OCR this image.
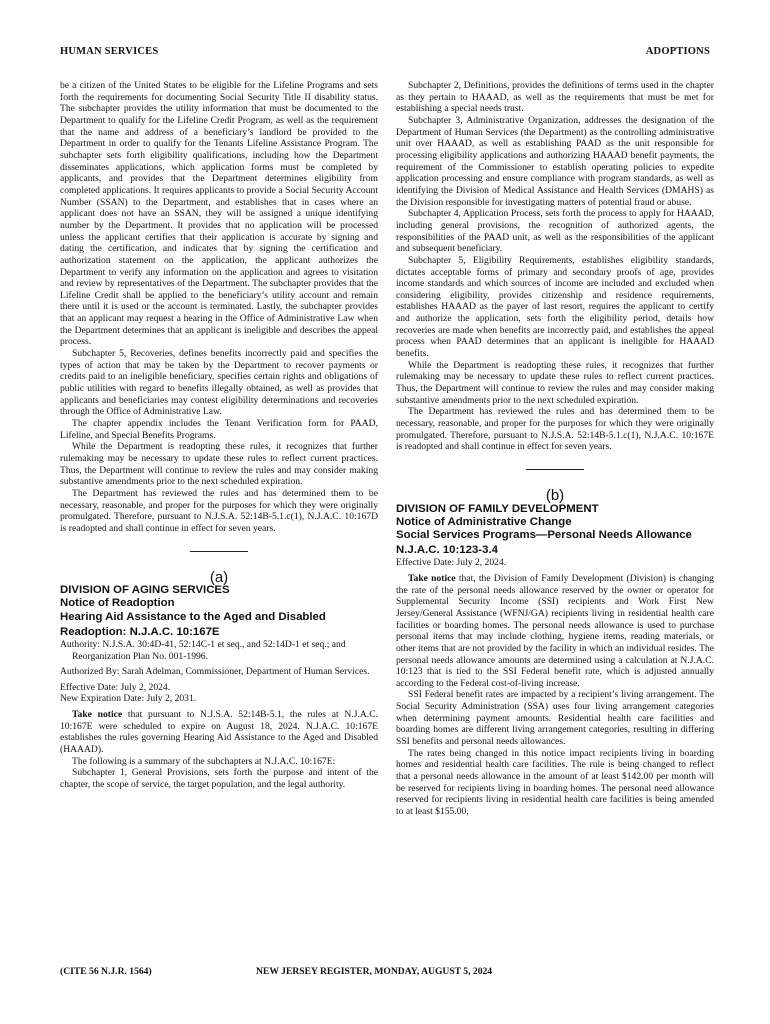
HUMAN SERVICES	ADOPTIONS

be a citizen of the United States to be eligible for the Lifeline Programs and sets forth the requirements for documenting Social Security Title II disability status. The subchapter provides the utility information that must be documented to the Department to qualify for the Lifeline Credit Program, as well as the requirement that the name and address of a beneficiary’s landlord be provided to the Department in order to qualify for the Tenants Lifeline Assistance Program. The subchapter sets forth eligibility qualifications, including how the Department disseminates applications, which application forms must be completed by applicants, and provides that the Department determines eligibility from completed applications. It requires applicants to provide a Social Security Account Number (SSAN) to the Department, and establishes that in cases where an applicant does not have an SSAN, they will be assigned a unique identifying number by the Department. It provides that no application will be processed unless the applicant certifies that their application is accurate by signing and dating the certification, and indicates that by signing the certification and authorization statement on the application, the applicant authorizes the Department to verify any information on the application and agrees to visitation and review by representatives of the Department. The subchapter provides that the Lifeline Credit shall be applied to the beneficiary’s utility account and remain there until it is used or the account is terminated. Lastly, the subchapter provides that an applicant may request a hearing in the Office of Administrative Law when the Department determines that an applicant is ineligible and describes the appeal process.

Subchapter 5, Recoveries, defines benefits incorrectly paid and specifies the types of action that may be taken by the Department to recover payments or credits paid to an ineligible beneficiary, specifies certain rights and obligations of public utilities with regard to benefits illegally obtained, as well as provides that applicants and beneficiaries may contest eligibility determinations and recoveries through the Office of Administrative Law.

The chapter appendix includes the Tenant Verification form for PAAD, Lifeline, and Special Benefits Programs.

While the Department is readopting these rules, it recognizes that further rulemaking may be necessary to update these rules to reflect current practices. Thus, the Department will continue to review the rules and may consider making substantive amendments prior to the next scheduled expiration.

The Department has reviewed the rules and has determined them to be necessary, reasonable, and proper for the purposes for which they were originally promulgated. Therefore, pursuant to N.J.S.A. 52:14B-5.1.c(1), N.J.A.C. 10:167D is readopted and shall continue in effect for seven years.

(a)

DIVISION OF AGING SERVICES

Notice of Readoption

Hearing Aid Assistance to the Aged and Disabled

Readoption: N.J.A.C. 10:167E

Authority: N.J.S.A. 30:4D-41, 52:14C-1 et seq., and 52:14D-1 et seq.; and Reorganization Plan No. 001-1996.

Authorized By: Sarah Adelman, Commissioner, Department of Human Services.

Effective Date: July 2, 2024.

New Expiration Date: July 2, 2031.

Take notice that pursuant to N.J.S.A. 52:14B-5.1, the rules at N.J.A.C. 10:167E were scheduled to expire on August 18, 2024. N.J.A.C. 10:167E establishes the rules governing Hearing Aid Assistance to the Aged and Disabled (HAAAD).

The following is a summary of the subchapters at N.J.A.C. 10:167E:

Subchapter 1, General Provisions, sets forth the purpose and intent of the chapter, the scope of service, the target population, and the legal authority.

Subchapter 2, Definitions, provides the definitions of terms used in the chapter as they pertain to HAAAD, as well as the requirements that must be met for establishing a special needs trust.

Subchapter 3, Administrative Organization, addresses the designation of the Department of Human Services (the Department) as the controlling administrative unit over HAAAD, as well as establishing PAAD as the unit responsible for processing eligibility applications and authorizing HAAAD benefit payments, the requirement of the Commissioner to establish operating policies to expedite application processing and ensure compliance with program standards, as well as identifying the Division of Medical Assistance and Health Services (DMAHS) as the Division responsible for investigating matters of potential fraud or abuse.

Subchapter 4, Application Process, sets forth the process to apply for HAAAD, including general provisions, the recognition of authorized agents, the responsibilities of the PAAD unit, as well as the responsibilities of the applicant and subsequent beneficiary.

Subchapter 5, Eligibility Requirements, establishes eligibility standards, dictates acceptable forms of primary and secondary proofs of age, provides income standards and which sources of income are included and excluded when considering eligibility, provides citizenship and residence requirements, establishes HAAAD as the payer of last resort, requires the applicant to certify and authorize the application, sets forth the eligibility period, details how recoveries are made when benefits are incorrectly paid, and establishes the appeal process when PAAD determines that an applicant is ineligible for HAAAD benefits.

While the Department is readopting these rules, it recognizes that further rulemaking may be necessary to update these rules to reflect current practices. Thus, the Department will continue to review the rules and may consider making substantive amendments prior to the next scheduled expiration.

The Department has reviewed the rules and has determined them to be necessary, reasonable, and proper for the purposes for which they were originally promulgated. Therefore, pursuant to N.J.S.A. 52:14B-5.1.c(1), N.J.A.C. 10:167E is readopted and shall continue in effect for seven years.

(b)

DIVISION OF FAMILY DEVELOPMENT

Notice of Administrative Change

Social Services Programs—Personal Needs Allowance

N.J.A.C. 10:123-3.4

Effective Date: July 2, 2024.

Take notice that, the Division of Family Development (Division) is changing the rate of the personal needs allowance reserved by the owner or operator for Supplemental Security Income (SSI) recipients and Work First New Jersey/General Assistance (WFNJ/GA) recipients living in residential health care facilities or boarding homes. The personal needs allowance is used to purchase personal items that may include clothing, hygiene items, reading materials, or other items that are not provided by the facility in which an individual resides. The personal needs allowance amounts are determined using a calculation at N.J.A.C. 10:123 that is tied to the SSI Federal benefit rate, which is adjusted annually according to the Federal cost-of-living increase.

SSI Federal benefit rates are impacted by a recipient’s living arrangement. The Social Security Administration (SSA) uses four living arrangement categories when determining payment amounts. Residential health care facilities and boarding homes are different living arrangement categories, resulting in differing SSI benefits and personal needs allowances.

The rates being changed in this notice impact recipients living in boarding homes and residential health care facilities. The rule is being changed to reflect that a personal needs allowance in the amount of at least $142.00 per month will be reserved for recipients living in boarding homes. The personal need allowance reserved for recipients living in residential health care facilities is being amended to at least $155.00,

(CITE 56 N.J.R. 1564)	NEW JERSEY REGISTER, MONDAY, AUGUST 5, 2024
